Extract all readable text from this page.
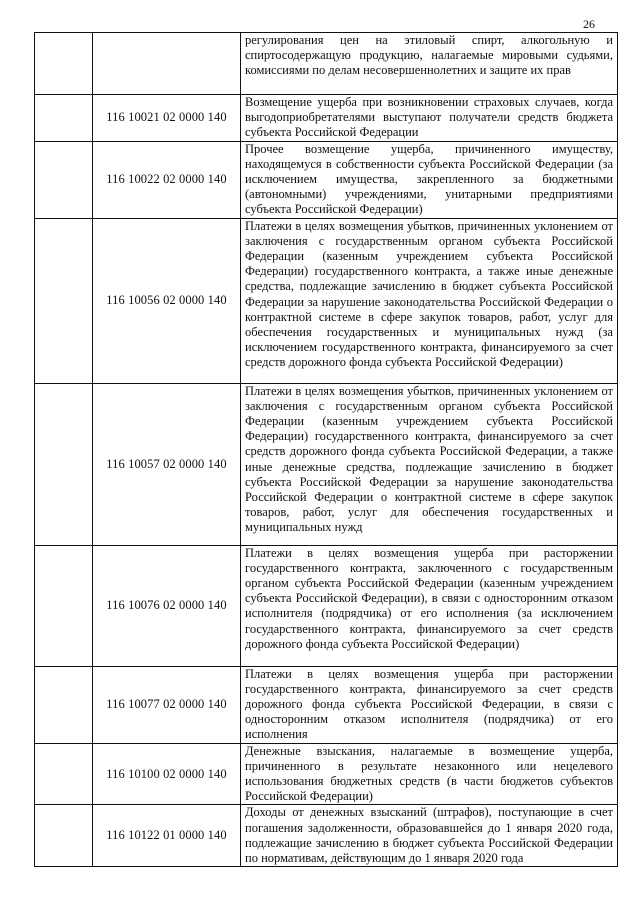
26
		регулирования цен на этиловый спирт, алкогольную и спиртосодержащую продукцию, налагаемые мировыми судьями, комиссиями по делам несовершеннолетних и защите их прав
	116 10021 02 0000 140	Возмещение ущерба при возникновении страховых случаев, когда выгодоприобретателями выступают получатели средств бюджета субъекта Российской Федерации
	116 10022 02 0000 140	Прочее возмещение ущерба, причиненного имуществу, находящемуся в собственности субъекта Российской Федерации (за исключением имущества, закрепленного за бюджетными (автономными) учреждениями, унитарными предприятиями субъекта Российской Федерации)
	116 10056 02 0000 140	Платежи в целях возмещения убытков, причиненных уклонением от заключения с государственным органом субъекта Российской Федерации (казенным учреждением субъекта Российской Федерации) государственного контракта, а также иные денежные средства, подлежащие зачислению в бюджет субъекта Российской Федерации за нарушение законодательства Российской Федерации о контрактной системе в сфере закупок товаров, работ, услуг для обеспечения государственных и муниципальных нужд (за исключением государственного контракта, финансируемого за счет средств дорожного фонда субъекта Российской Федерации)
	116 10057 02 0000 140	Платежи в целях возмещения убытков, причиненных уклонением от заключения с государственным органом субъекта Российской Федерации (казенным учреждением субъекта Российской Федерации) государственного контракта, финансируемого за счет средств дорожного фонда субъекта Российской Федерации, а также иные денежные средства, подлежащие зачислению в бюджет субъекта Российской Федерации за нарушение законодательства Российской Федерации о контрактной системе в сфере закупок товаров, работ, услуг для обеспечения государственных и муниципальных нужд
	116 10076 02 0000 140	Платежи в целях возмещения ущерба при расторжении государственного контракта, заключенного с государственным органом субъекта Российской Федерации (казенным учреждением субъекта Российской Федерации), в связи с односторонним отказом исполнителя (подрядчика) от его исполнения (за исключением государственного контракта, финансируемого за счет средств дорожного фонда субъекта Российской Федерации)
	116 10077 02 0000 140	Платежи в целях возмещения ущерба при расторжении государственного контракта, финансируемого за счет средств дорожного фонда субъекта Российской Федерации, в связи с односторонним отказом исполнителя (подрядчика) от его исполнения
	116 10100 02 0000 140	Денежные взыскания, налагаемые в возмещение ущерба, причиненного в результате незаконного или нецелевого использования бюджетных средств (в части бюджетов субъектов Российской Федерации)
	116 10122 01 0000 140	Доходы от денежных взысканий (штрафов), поступающие в счет погашения задолженности, образовавшейся до 1 января 2020 года, подлежащие зачислению в бюджет субъекта Российской Федерации по нормативам, действующим до 1 января 2020 года
